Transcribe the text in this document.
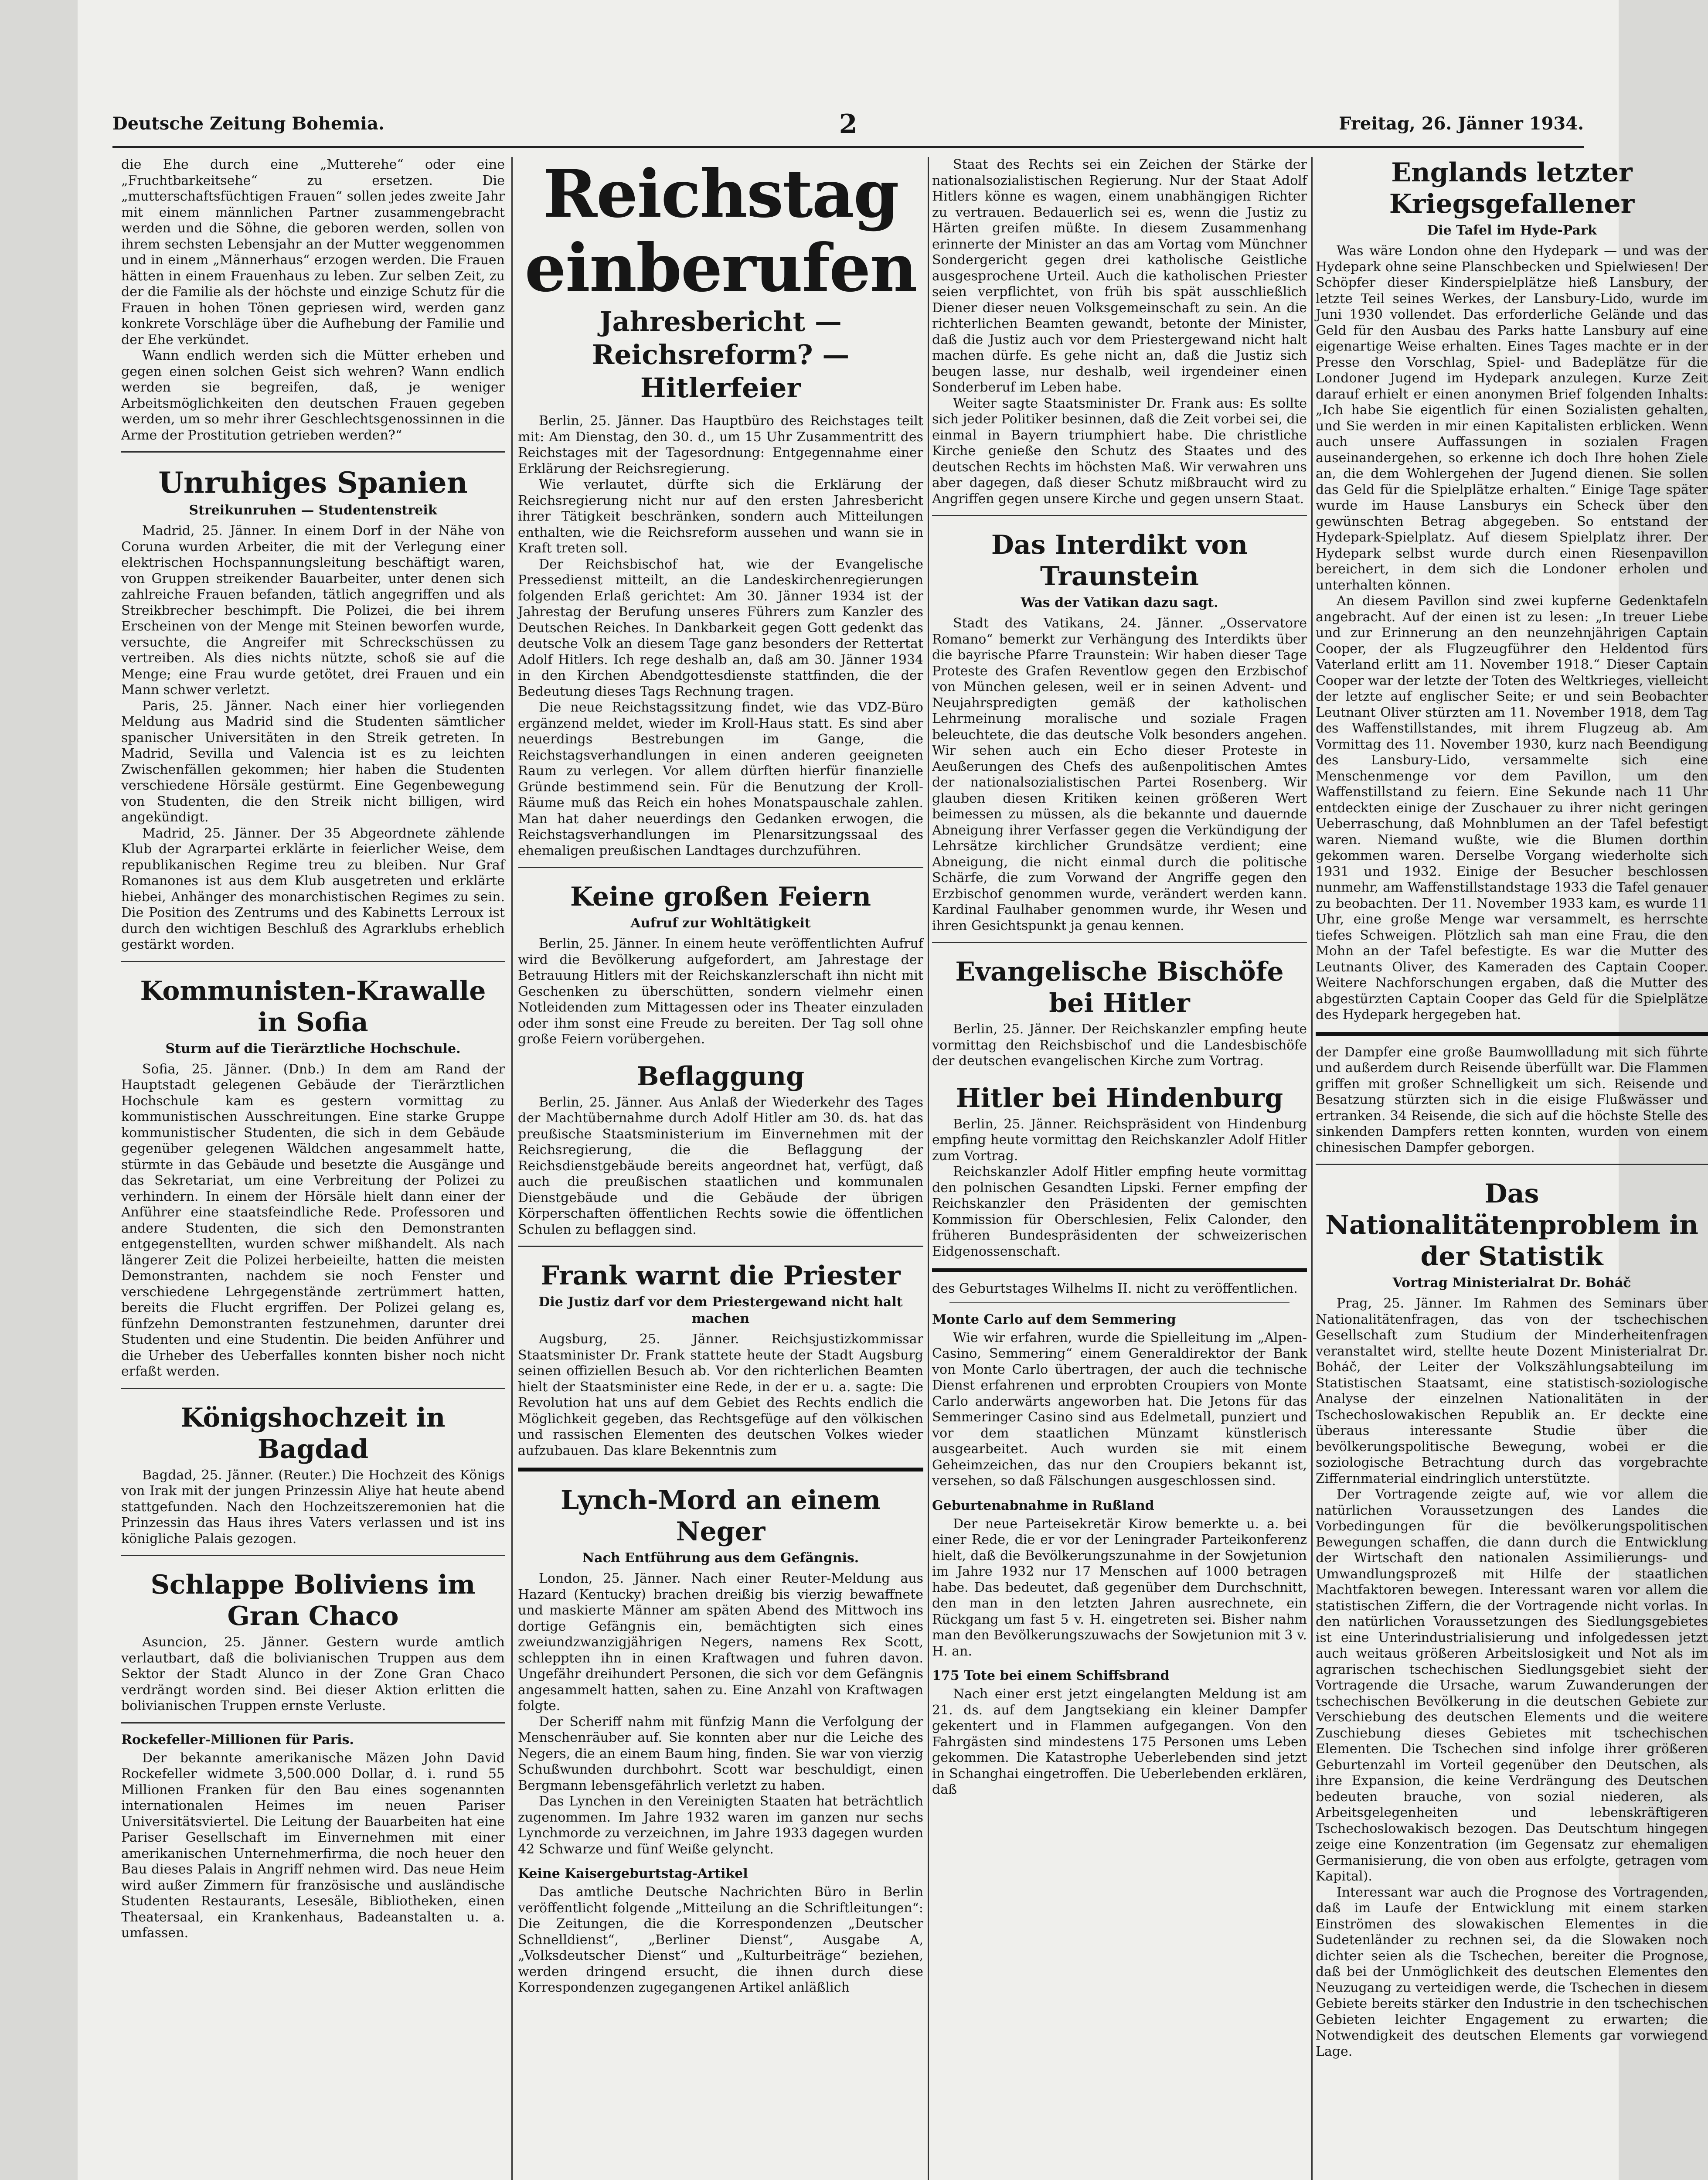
Deutsche Zeitung Bohemia.	2	Freitag, 26. Jänner 1934.

die Ehe durch eine „Mutterehe“ oder eine „Fruchtbarkeitsehe“ zu ersetzen. Die „mutterschaftsfüchtigen Frauen“ sollen jedes zweite Jahr mit einem männlichen Partner zusammengebracht werden und die Söhne, die geboren werden, sollen von ihrem sechsten Lebensjahr an der Mutter weggenommen und in einem „Männerhaus“ erzogen werden. Die Frauen hätten in einem Frauenhaus zu leben. Zur selben Zeit, zu der die Familie als der höchste und einzige Schutz für die Frauen in hohen Tönen gepriesen wird, werden ganz konkrete Vorschläge über die Aufhebung der Familie und der Ehe verkündet.

Wann endlich werden sich die Mütter erheben und gegen einen solchen Geist sich wehren? Wann endlich werden sie begreifen, daß, je weniger Arbeitsmöglichkeiten den deutschen Frauen gegeben werden, um so mehr ihrer Geschlechtsgenossinnen in die Arme der Prostitution getrieben werden?“

Unruhiges Spanien
Streikunruhen — Studentenstreik

Madrid, 25. Jänner. In einem Dorf in der Nähe von Coruna wurden Arbeiter, die mit der Verlegung einer elektrischen Hochspannungsleitung beschäftigt waren, von Gruppen streikender Bauarbeiter, unter denen sich zahlreiche Frauen befanden, tätlich angegriffen und als Streikbrecher beschimpft. Die Polizei, die bei ihrem Erscheinen von der Menge mit Steinen beworfen wurde, versuchte, die Angreifer mit Schreckschüssen zu vertreiben. Als dies nichts nützte, schoß sie auf die Menge; eine Frau wurde getötet, drei Frauen und ein Mann schwer verletzt.

Paris, 25. Jänner. Nach einer hier vorliegenden Meldung aus Madrid sind die Studenten sämtlicher spanischer Universitäten in den Streik getreten. In Madrid, Sevilla und Valencia ist es zu leichten Zwischenfällen gekommen; hier haben die Studenten verschiedene Hörsäle gestürmt. Eine Gegenbewegung von Studenten, die den Streik nicht billigen, wird angekündigt.

Madrid, 25. Jänner. Der 35 Abgeordnete zählende Klub der Agrarpartei erklärte in feierlicher Weise, dem republikanischen Regime treu zu bleiben. Nur Graf Romanones ist aus dem Klub ausgetreten und erklärte hiebei, Anhänger des monarchistischen Regimes zu sein. Die Position des Zentrums und des Kabinetts Lerroux ist durch den wichtigen Beschluß des Agrarklubs erheblich gestärkt worden.

Kommunisten-Krawalle in Sofia
Sturm auf die Tierärztliche Hochschule.

Sofia, 25. Jänner. (Dnb.) In dem am Rand der Hauptstadt gelegenen Gebäude der Tierärztlichen Hochschule kam es gestern vormittag zu kommunistischen Ausschreitungen. Eine starke Gruppe kommunistischer Studenten, die sich in dem Gebäude gegenüber gelegenen Wäldchen angesammelt hatte, stürmte in das Gebäude und besetzte die Ausgänge und das Sekretariat, um eine Verbreitung der Polizei zu verhindern. In einem der Hörsäle hielt dann einer der Anführer eine staatsfeindliche Rede. Professoren und andere Studenten, die sich den Demonstranten entgegenstellten, wurden schwer mißhandelt. Als nach längerer Zeit die Polizei herbeieilte, hatten die meisten Demonstranten, nachdem sie noch Fenster und verschiedene Lehrgegenstände zertrümmert hatten, bereits die Flucht ergriffen. Der Polizei gelang es, fünfzehn Demonstranten festzunehmen, darunter drei Studenten und eine Studentin. Die beiden Anführer und die Urheber des Ueberfalles konnten bisher noch nicht erfaßt werden.

Königshochzeit in Bagdad

Bagdad, 25. Jänner. (Reuter.) Die Hochzeit des Königs von Irak mit der jungen Prinzessin Aliye hat heute abend stattgefunden. Nach den Hochzeitszeremonien hat die Prinzessin das Haus ihres Vaters verlassen und ist ins königliche Palais gezogen.

Schlappe Boliviens im Gran Chaco

Asuncion, 25. Jänner. Gestern wurde amtlich verlautbart, daß die bolivianischen Truppen aus dem Sektor der Stadt Alunco in der Zone Gran Chaco verdrängt worden sind. Bei dieser Aktion erlitten die bolivianischen Truppen ernste Verluste.

Rockefeller-Millionen für Paris.

Der bekannte amerikanische Mäzen John David Rockefeller widmete 3,500.000 Dollar, d. i. rund 55 Millionen Franken für den Bau eines sogenannten internationalen Heimes im neuen Pariser Universitätsviertel. Die Leitung der Bauarbeiten hat eine Pariser Gesellschaft im Einvernehmen mit einer amerikanischen Unternehmerfirma, die noch heuer den Bau dieses Palais in Angriff nehmen wird. Das neue Heim wird außer Zimmern für französische und ausländische Studenten Restaurants, Lesesäle, Bibliotheken, einen Theatersaal, ein Krankenhaus, Badeanstalten u. a. umfassen.

Reichstag einberufen
Jahresbericht — Reichsreform? — Hitlerfeier

Berlin, 25. Jänner. Das Hauptbüro des Reichstages teilt mit: Am Dienstag, den 30. d., um 15 Uhr Zusammentritt des Reichstages mit der Tagesordnung: Entgegennahme einer Erklärung der Reichsregierung.

Wie verlautet, dürfte sich die Erklärung der Reichsregierung nicht nur auf den ersten Jahresbericht ihrer Tätigkeit beschränken, sondern auch Mitteilungen enthalten, wie die Reichsreform aussehen und wann sie in Kraft treten soll.

Der Reichsbischof hat, wie der Evangelische Pressedienst mitteilt, an die Landeskirchenregierungen folgenden Erlaß gerichtet: Am 30. Jänner 1934 ist der Jahrestag der Berufung unseres Führers zum Kanzler des Deutschen Reiches. In Dankbarkeit gegen Gott gedenkt das deutsche Volk an diesem Tage ganz besonders der Rettertat Adolf Hitlers. Ich rege deshalb an, daß am 30. Jänner 1934 in den Kirchen Abendgottesdienste stattfinden, die der Bedeutung dieses Tags Rechnung tragen.

Die neue Reichstagssitzung findet, wie das VDZ-Büro ergänzend meldet, wieder im Kroll-Haus statt. Es sind aber neuerdings Bestrebungen im Gange, die Reichstagsverhandlungen in einen anderen geeigneten Raum zu verlegen. Vor allem dürften hierfür finanzielle Gründe bestimmend sein. Für die Benutzung der Kroll-Räume muß das Reich ein hohes Monatspauschale zahlen. Man hat daher neuerdings den Gedanken erwogen, die Reichstagsverhandlungen im Plenarsitzungssaal des ehemaligen preußischen Landtages durchzuführen.

Keine großen Feiern
Aufruf zur Wohltätigkeit

Berlin, 25. Jänner. In einem heute veröffentlichten Aufruf wird die Bevölkerung aufgefordert, am Jahrestage der Betrauung Hitlers mit der Reichskanzlerschaft ihn nicht mit Geschenken zu überschütten, sondern vielmehr einen Notleidenden zum Mittagessen oder ins Theater einzuladen oder ihm sonst eine Freude zu bereiten. Der Tag soll ohne große Feiern vorübergehen.

Beflaggung

Berlin, 25. Jänner. Aus Anlaß der Wiederkehr des Tages der Machtübernahme durch Adolf Hitler am 30. ds. hat das preußische Staatsministerium im Einvernehmen mit der Reichsregierung, die die Beflaggung der Reichsdienstgebäude bereits angeordnet hat, verfügt, daß auch die preußischen staatlichen und kommunalen Dienstgebäude und die Gebäude der übrigen Körperschaften öffentlichen Rechts sowie die öffentlichen Schulen zu beflaggen sind.

Frank warnt die Priester
Die Justiz darf vor dem Priestergewand nicht halt machen

Augsburg, 25. Jänner. Reichsjustizkommissar Staatsminister Dr. Frank stattete heute der Stadt Augsburg seinen offiziellen Besuch ab. Vor den richterlichen Beamten hielt der Staatsminister eine Rede, in der er u. a. sagte: Die Revolution hat uns auf dem Gebiet des Rechts endlich die Möglichkeit gegeben, das Rechtsgefüge auf den völkischen und rassischen Elementen des deutschen Volkes wieder aufzubauen. Das klare Bekenntnis zum

Lynch-Mord an einem Neger
Nach Entführung aus dem Gefängnis.

London, 25. Jänner. Nach einer Reuter-Meldung aus Hazard (Kentucky) brachen dreißig bis vierzig bewaffnete und maskierte Männer am späten Abend des Mittwoch ins dortige Gefängnis ein, bemächtigten sich eines zweiundzwanzigjährigen Negers, namens Rex Scott, schleppten ihn in einen Kraftwagen und fuhren davon. Ungefähr dreihundert Personen, die sich vor dem Gefängnis angesammelt hatten, sahen zu. Eine Anzahl von Kraftwagen folgte.

Der Scheriff nahm mit fünfzig Mann die Verfolgung der Menschenräuber auf. Sie konnten aber nur die Leiche des Negers, die an einem Baum hing, finden. Sie war von vierzig Schußwunden durchbohrt. Scott war beschuldigt, einen Bergmann lebensgefährlich verletzt zu haben.

Das Lynchen in den Vereinigten Staaten hat beträchtlich zugenommen. Im Jahre 1932 waren im ganzen nur sechs Lynchmorde zu verzeichnen, im Jahre 1933 dagegen wurden 42 Schwarze und fünf Weiße gelyncht.

Keine Kaisergeburtstag-Artikel

Das amtliche Deutsche Nachrichten Büro in Berlin veröffentlicht folgende „Mitteilung an die Schriftleitungen“: Die Zeitungen, die die Korrespondenzen „Deutscher Schnelldienst“, „Berliner Dienst“, Ausgabe A, „Volksdeutscher Dienst“ und „Kulturbeiträge“ beziehen, werden dringend ersucht, die ihnen durch diese Korrespondenzen zugegangenen Artikel anläßlich

Staat des Rechts sei ein Zeichen der Stärke der nationalsozialistischen Regierung. Nur der Staat Adolf Hitlers könne es wagen, einem unabhängigen Richter zu vertrauen. Bedauerlich sei es, wenn die Justiz zu Härten greifen müßte. In diesem Zusammenhang erinnerte der Minister an das am Vortag vom Münchner Sondergericht gegen drei katholische Geistliche ausgesprochene Urteil. Auch die katholischen Priester seien verpflichtet, von früh bis spät ausschließlich Diener dieser neuen Volksgemeinschaft zu sein. An die richterlichen Beamten gewandt, betonte der Minister, daß die Justiz auch vor dem Priestergewand nicht halt machen dürfe. Es gehe nicht an, daß die Justiz sich beugen lasse, nur deshalb, weil irgendeiner einen Sonderberuf im Leben habe.

Weiter sagte Staatsminister Dr. Frank aus: Es sollte sich jeder Politiker besinnen, daß die Zeit vorbei sei, die einmal in Bayern triumphiert habe. Die christliche Kirche genieße den Schutz des Staates und des deutschen Rechts im höchsten Maß. Wir verwahren uns aber dagegen, daß dieser Schutz mißbraucht wird zu Angriffen gegen unsere Kirche und gegen unsern Staat.

Das Interdikt von Traunstein
Was der Vatikan dazu sagt.

Stadt des Vatikans, 24. Jänner. „Osservatore Romano“ bemerkt zur Verhängung des Interdikts über die bayrische Pfarre Traunstein: Wir haben dieser Tage Proteste des Grafen Reventlow gegen den Erzbischof von München gelesen, weil er in seinen Advent- und Neujahrspredigten gemäß der katholischen Lehrmeinung moralische und soziale Fragen beleuchtete, die das deutsche Volk besonders angehen. Wir sehen auch ein Echo dieser Proteste in Aeußerungen des Chefs des außenpolitischen Amtes der nationalsozialistischen Partei Rosenberg. Wir glauben diesen Kritiken keinen größeren Wert beimessen zu müssen, als die bekannte und dauernde Abneigung ihrer Verfasser gegen die Verkündigung der Lehrsätze kirchlicher Grundsätze verdient; eine Abneigung, die nicht einmal durch die politische Schärfe, die zum Vorwand der Angriffe gegen den Erzbischof genommen wurde, verändert werden kann. Kardinal Faulhaber genommen wurde, ihr Wesen und ihren Gesichtspunkt ja genau kennen.

Evangelische Bischöfe bei Hitler

Berlin, 25. Jänner. Der Reichskanzler empfing heute vormittag den Reichsbischof und die Landesbischöfe der deutschen evangelischen Kirche zum Vortrag.

Hitler bei Hindenburg

Berlin, 25. Jänner. Reichspräsident von Hindenburg empfing heute vormittag den Reichskanzler Adolf Hitler zum Vortrag.

Reichskanzler Adolf Hitler empfing heute vormittag den polnischen Gesandten Lipski. Ferner empfing der Reichskanzler den Präsidenten der gemischten Kommission für Oberschlesien, Felix Calonder, den früheren Bundespräsidenten der schweizerischen Eidgenossenschaft.

des Geburtstages Wilhelms II. nicht zu veröffentlichen.

Monte Carlo auf dem Semmering

Wie wir erfahren, wurde die Spielleitung im „Alpen-Casino, Semmering“ einem Generaldirektor der Bank von Monte Carlo übertragen, der auch die technische Dienst erfahrenen und erprobten Croupiers von Monte Carlo anderwärts angeworben hat. Die Jetons für das Semmeringer Casino sind aus Edelmetall, punziert und vor dem staatlichen Münzamt künstlerisch ausgearbeitet. Auch wurden sie mit einem Geheimzeichen, das nur den Croupiers bekannt ist, versehen, so daß Fälschungen ausgeschlossen sind.

Geburtenabnahme in Rußland

Der neue Parteisekretär Kirow bemerkte u. a. bei einer Rede, die er vor der Leningrader Parteikonferenz hielt, daß die Bevölkerungszunahme in der Sowjetunion im Jahre 1932 nur 17 Menschen auf 1000 betragen habe. Das bedeutet, daß gegenüber dem Durchschnitt, den man in den letzten Jahren ausrechnete, ein Rückgang um fast 5 v. H. eingetreten sei. Bisher nahm man den Bevölkerungszuwachs der Sowjetunion mit 3 v. H. an.

175 Tote bei einem Schiffsbrand

Nach einer erst jetzt eingelangten Meldung ist am 21. ds. auf dem Jangtsekiang ein kleiner Dampfer gekentert und in Flammen aufgegangen. Von den Fahrgästen sind mindestens 175 Personen ums Leben gekommen. Die Katastrophe Ueberlebenden sind jetzt in Schanghai eingetroffen. Die Ueberlebenden erklären, daß

Englands letzter Kriegsgefallener
Die Tafel im Hyde-Park

Was wäre London ohne den Hydepark — und was der Hydepark ohne seine Planschbecken und Spielwiesen! Der Schöpfer dieser Kinderspielplätze hieß Lansbury, der letzte Teil seines Werkes, der Lansbury-Lido, wurde im Juni 1930 vollendet. Das erforderliche Gelände und das Geld für den Ausbau des Parks hatte Lansbury auf eine eigenartige Weise erhalten. Eines Tages machte er in der Presse den Vorschlag, Spiel- und Badeplätze für die Londoner Jugend im Hydepark anzulegen. Kurze Zeit darauf erhielt er einen anonymen Brief folgenden Inhalts: „Ich habe Sie eigentlich für einen Sozialisten gehalten, und Sie werden in mir einen Kapitalisten erblicken. Wenn auch unsere Auffassungen in sozialen Fragen auseinandergehen, so erkenne ich doch Ihre hohen Ziele an, die dem Wohlergehen der Jugend dienen. Sie sollen das Geld für die Spielplätze erhalten.“ Einige Tage später wurde im Hause Lansburys ein Scheck über den gewünschten Betrag abgegeben. So entstand der Hydepark-Spielplatz. Auf diesem Spielplatz ihrer. Der Hydepark selbst wurde durch einen Riesenpavillon bereichert, in dem sich die Londoner erholen und unterhalten können.

An diesem Pavillon sind zwei kupferne Gedenktafeln angebracht. Auf der einen ist zu lesen: „In treuer Liebe und zur Erinnerung an den neunzehnjährigen Captain Cooper, der als Flugzeugführer den Heldentod fürs Vaterland erlitt am 11. November 1918.“ Dieser Captain Cooper war der letzte der Toten des Weltkrieges, vielleicht der letzte auf englischer Seite; er und sein Beobachter Leutnant Oliver stürzten am 11. November 1918, dem Tag des Waffenstillstandes, mit ihrem Flugzeug ab. Am Vormittag des 11. November 1930, kurz nach Beendigung des Lansbury-Lido, versammelte sich eine Menschenmenge vor dem Pavillon, um den Waffenstillstand zu feiern. Eine Sekunde nach 11 Uhr entdeckten einige der Zuschauer zu ihrer nicht geringen Ueberraschung, daß Mohnblumen an der Tafel befestigt waren. Niemand wußte, wie die Blumen dorthin gekommen waren. Derselbe Vorgang wiederholte sich 1931 und 1932. Einige der Besucher beschlossen nunmehr, am Waffenstillstandstage 1933 die Tafel genauer zu beobachten. Der 11. November 1933 kam, es wurde 11 Uhr, eine große Menge war versammelt, es herrschte tiefes Schweigen. Plötzlich sah man eine Frau, die den Mohn an der Tafel befestigte. Es war die Mutter des Leutnants Oliver, des Kameraden des Captain Cooper. Weitere Nachforschungen ergaben, daß die Mutter des abgestürzten Captain Cooper das Geld für die Spielplätze des Hydepark hergegeben hat.

der Dampfer eine große Baumwollladung mit sich führte und außerdem durch Reisende überfüllt war. Die Flammen griffen mit großer Schnelligkeit um sich. Reisende und Besatzung stürzten sich in die eisige Flußwässer und ertranken. 34 Reisende, die sich auf die höchste Stelle des sinkenden Dampfers retten konnten, wurden von einem chinesischen Dampfer geborgen.

Das Nationalitätenproblem in der Statistik
Vortrag Ministerialrat Dr. Boháč

Prag, 25. Jänner. Im Rahmen des Seminars über Nationalitätenfragen, das von der tschechischen Gesellschaft zum Studium der Minderheitenfragen veranstaltet wird, stellte heute Dozent Ministerialrat Dr. Boháč, der Leiter der Volkszählungsabteilung im Statistischen Staatsamt, eine statistisch-soziologische Analyse der einzelnen Nationalitäten in der Tschechoslowakischen Republik an. Er deckte eine überaus interessante Studie über die bevölkerungspolitische Bewegung, wobei er die soziologische Betrachtung durch das vorgebrachte Ziffernmaterial eindringlich unterstützte.

Der Vortragende zeigte auf, wie vor allem die natürlichen Voraussetzungen des Landes die Vorbedingungen für die bevölkerungspolitischen Bewegungen schaffen, die dann durch die Entwicklung der Wirtschaft den nationalen Assimilierungs- und Umwandlungsprozeß mit Hilfe der staatlichen Machtfaktoren bewegen. Interessant waren vor allem die statistischen Ziffern, die der Vortragende nicht vorlas. In den natürlichen Voraussetzungen des Siedlungsgebietes ist eine Unterindustrialisierung und infolgedessen jetzt auch weitaus größeren Arbeitslosigkeit und Not als im agrarischen tschechischen Siedlungsgebiet sieht der Vortragende die Ursache, warum Zuwanderungen der tschechischen Bevölkerung in die deutschen Gebiete zur Verschiebung des deutschen Elements und die weitere Zuschiebung dieses Gebietes mit tschechischen Elementen. Die Tschechen sind infolge ihrer größeren Geburtenzahl im Vorteil gegenüber den Deutschen, als ihre Expansion, die keine Verdrängung des Deutschen bedeuten brauche, von sozial niederen, als Arbeitsgelegenheiten und lebenskräftigeren Tschechoslowakisch bezogen. Das Deutschtum hingegen zeige eine Konzentration (im Gegensatz zur ehemaligen Germanisierung, die von oben aus erfolgte, getragen vom Kapital).

Interessant war auch die Prognose des Vortragenden, daß im Laufe der Entwicklung mit einem starken Einströmen des slowakischen Elementes in die Sudetenländer zu rechnen sei, da die Slowaken noch dichter seien als die Tschechen, bereiter die Prognose, daß bei der Unmöglichkeit des deutschen Elementes den Neuzugang zu verteidigen werde, die Tschechen in diesem Gebiete bereits stärker den Industrie in den tschechischen Gebieten leichter Engagement zu erwarten; die Notwendigkeit des deutschen Elements gar vorwiegend Lage.
